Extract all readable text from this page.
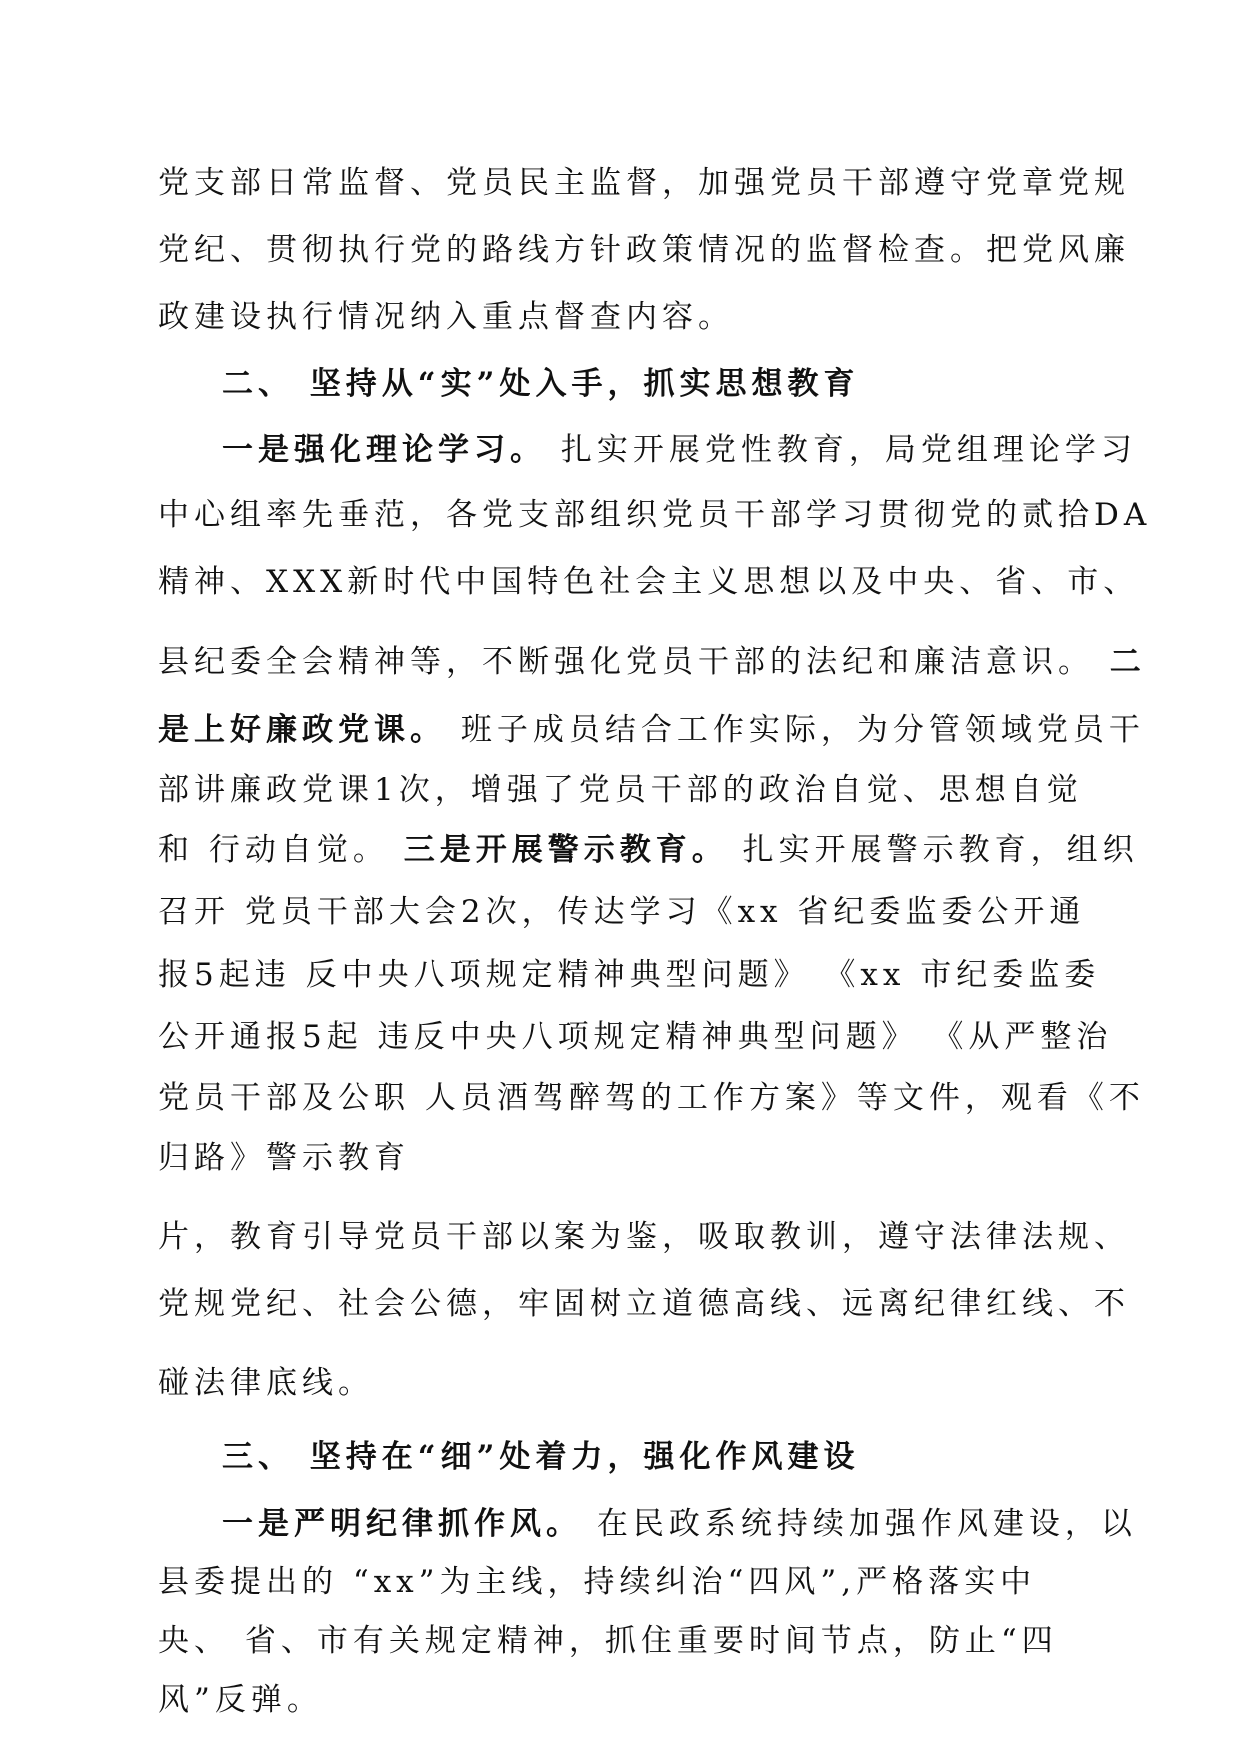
党支部日常监督、党员民主监督，加强党员干部遵守党章党规
党纪、贯彻执行党的路线方针政策情况的监督检查。把党风廉
政建设执行情况纳入重点督查内容。
二、 坚持从“实”处入手，抓实思想教育
一是强化理论学习。 扎实开展党性教育，局党组理论学习
中心组率先垂范，各党支部组织党员干部学习贯彻党的贰拾DA
精神、XXX新时代中国特色社会主义思想以及中央、省、市、
县纪委全会精神等，不断强化党员干部的法纪和廉洁意识。 二
是上好廉政党课。 班子成员结合工作实际，为分管领域党员干
部讲廉政党课1次，增强了党员干部的政治自觉、思想自觉
和 行动自觉。 三是开展警示教育。 扎实开展警示教育，组织
召开 党员干部大会2次，传达学习《xx 省纪委监委公开通
报5起违 反中央八项规定精神典型问题》 《xx 市纪委监委
公开通报5起 违反中央八项规定精神典型问题》 《从严整治
党员干部及公职 人员酒驾醉驾的工作方案》等文件，观看《不
归路》警示教育
片，教育引导党员干部以案为鉴，吸取教训，遵守法律法规、
党规党纪、社会公德，牢固树立道德高线、远离纪律红线、不
碰法律底线。
三、 坚持在“细”处着力，强化作风建设
一是严明纪律抓作风。 在民政系统持续加强作风建设，以
县委提出的 “xx”为主线，持续纠治“四风”,严格落实中
央、 省、市有关规定精神，抓住重要时间节点，防止“四
风”反弹。
